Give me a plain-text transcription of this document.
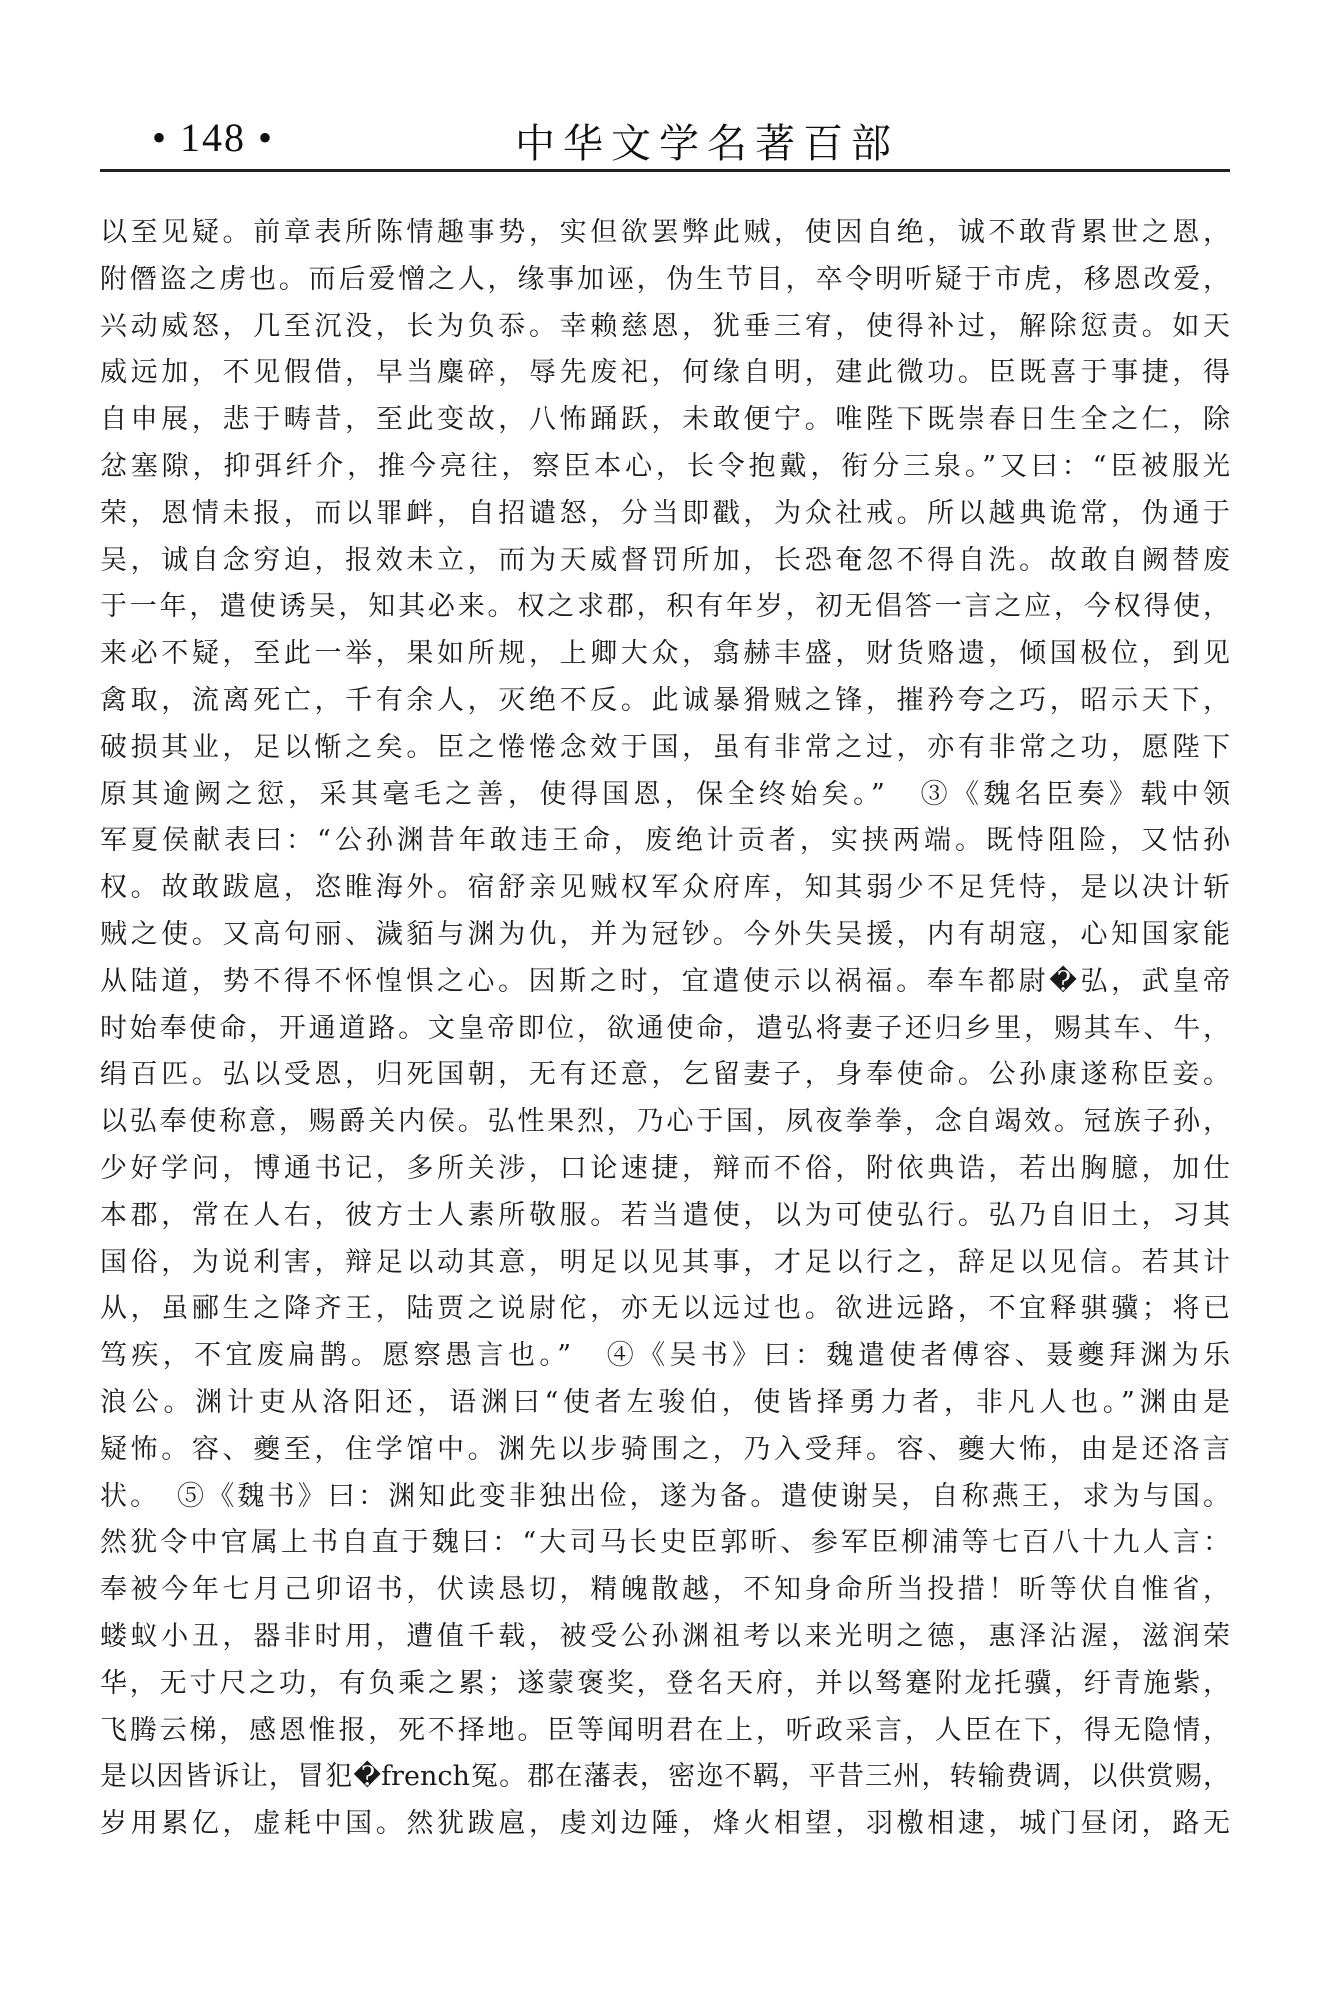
• 148 •	中华文学名著百部
以至见疑。前章表所陈情趣事势，实但欲罢弊此贼，使因自绝，诚不敢背累世之恩，
附僭盗之虏也。而后爱憎之人，缘事加诬，伪生节目，卒令明听疑于市虎，移恩改爱，
兴动威怒，几至沉没，长为负忝。幸赖慈恩，犹垂三宥，使得补过，解除愆责。如天
威远加，不见假借，早当麋碎，辱先废祀，何缘自明，建此微功。臣既喜于事捷，得
自申展，悲于畴昔，至此变故，八怖踊跃，未敢便宁。唯陛下既崇春日生全之仁，除
忿塞隙，抑弭纤介，推今亮往，察臣本心，长令抱戴，衔分三泉。”又曰：“臣被服光
荣，恩情未报，而以罪衅，自招谴怒，分当即戳，为众社戒。所以越典诡常，伪通于
吴，诚自念穷迫，报效未立，而为天威督罚所加，长恐奄忽不得自洗。故敢自阙替废
于一年，遣使诱吴，知其必来。权之求郡，积有年岁，初无倡答一言之应，今权得使，
来必不疑，至此一举，果如所规，上卿大众，翕赫丰盛，财货赂遗，倾国极位，到见
禽取，流离死亡，千有余人，灭绝不反。此诚暴猾贼之锋，摧矜夸之巧，昭示天下，
破损其业，足以惭之矣。臣之惓惓念效于国，虽有非常之过，亦有非常之功，愿陛下
原其逾阙之愆，采其毫毛之善，使得国恩，保全终始矣。”　③《魏名臣奏》载中领
军夏侯献表曰：“公孙渊昔年敢违王命，废绝计贡者，实挟两端。既恃阻险，又怙孙
权。故敢跋扈，恣睢海外。宿舒亲见贼权军众府库，知其弱少不足凭恃，是以决计斩
贼之使。又高句丽、濊貊与渊为仇，并为冠钞。今外失吴援，内有胡寇，心知国家能
从陆道，势不得不怀惶惧之心。因斯之时，宜遣使示以祸福。奉车都尉�弘，武皇帝
时始奉使命，开通道路。文皇帝即位，欲通使命，遣弘将妻子还归乡里，赐其车、牛，
绢百匹。弘以受恩，归死国朝，无有还意，乞留妻子，身奉使命。公孙康遂称臣妾。
以弘奉使称意，赐爵关内侯。弘性果烈，乃心于国，夙夜拳拳，念自竭效。冠族子孙，
少好学问，博通书记，多所关涉，口论速捷，辩而不俗，附依典诰，若出胸臆，加仕
本郡，常在人右，彼方士人素所敬服。若当遣使，以为可使弘行。弘乃自旧土，习其
国俗，为说利害，辩足以动其意，明足以见其事，才足以行之，辞足以见信。若其计
从，虽郦生之降齐王，陆贾之说尉佗，亦无以远过也。欲进远路，不宜释骐骥；将已
笃疾，不宜废扁鹊。愿察愚言也。”　④《吴书》曰：魏遣使者傅容、聂夔拜渊为乐
浪公。渊计吏从洛阳还，语渊曰“使者左骏伯，使皆择勇力者，非凡人也。”渊由是
疑怖。容、夔至，住学馆中。渊先以步骑围之，乃入受拜。容、夔大怖，由是还洛言
状。　⑤《魏书》曰：渊知此变非独出俭，遂为备。遣使谢吴，自称燕王，求为与国。
然犹令中官属上书自直于魏曰：“大司马长史臣郭昕、参军臣柳浦等七百八十九人言：
奉被今年七月己卯诏书，伏读恳切，精魄散越，不知身命所当投措！昕等伏自惟省，
蝼蚁小丑，器非时用，遭值千载，被受公孙渊祖考以来光明之德，惠泽沾渥，滋润荣
华，无寸尺之功，有负乘之累；遂蒙褒奖，登名天府，并以驽蹇附龙托骥，纡青施紫，
飞腾云梯，感恩惟报，死不择地。臣等闻明君在上，听政采言，人臣在下，得无隐情，
是以因皆诉让，冒犯�french冤。郡在藩表，密迩不羁，平昔三州，转输费调，以供赏赐，
岁用累亿，虚耗中国。然犹跋扈，虔刘边陲，烽火相望，羽檄相逮，城门昼闭，路无
